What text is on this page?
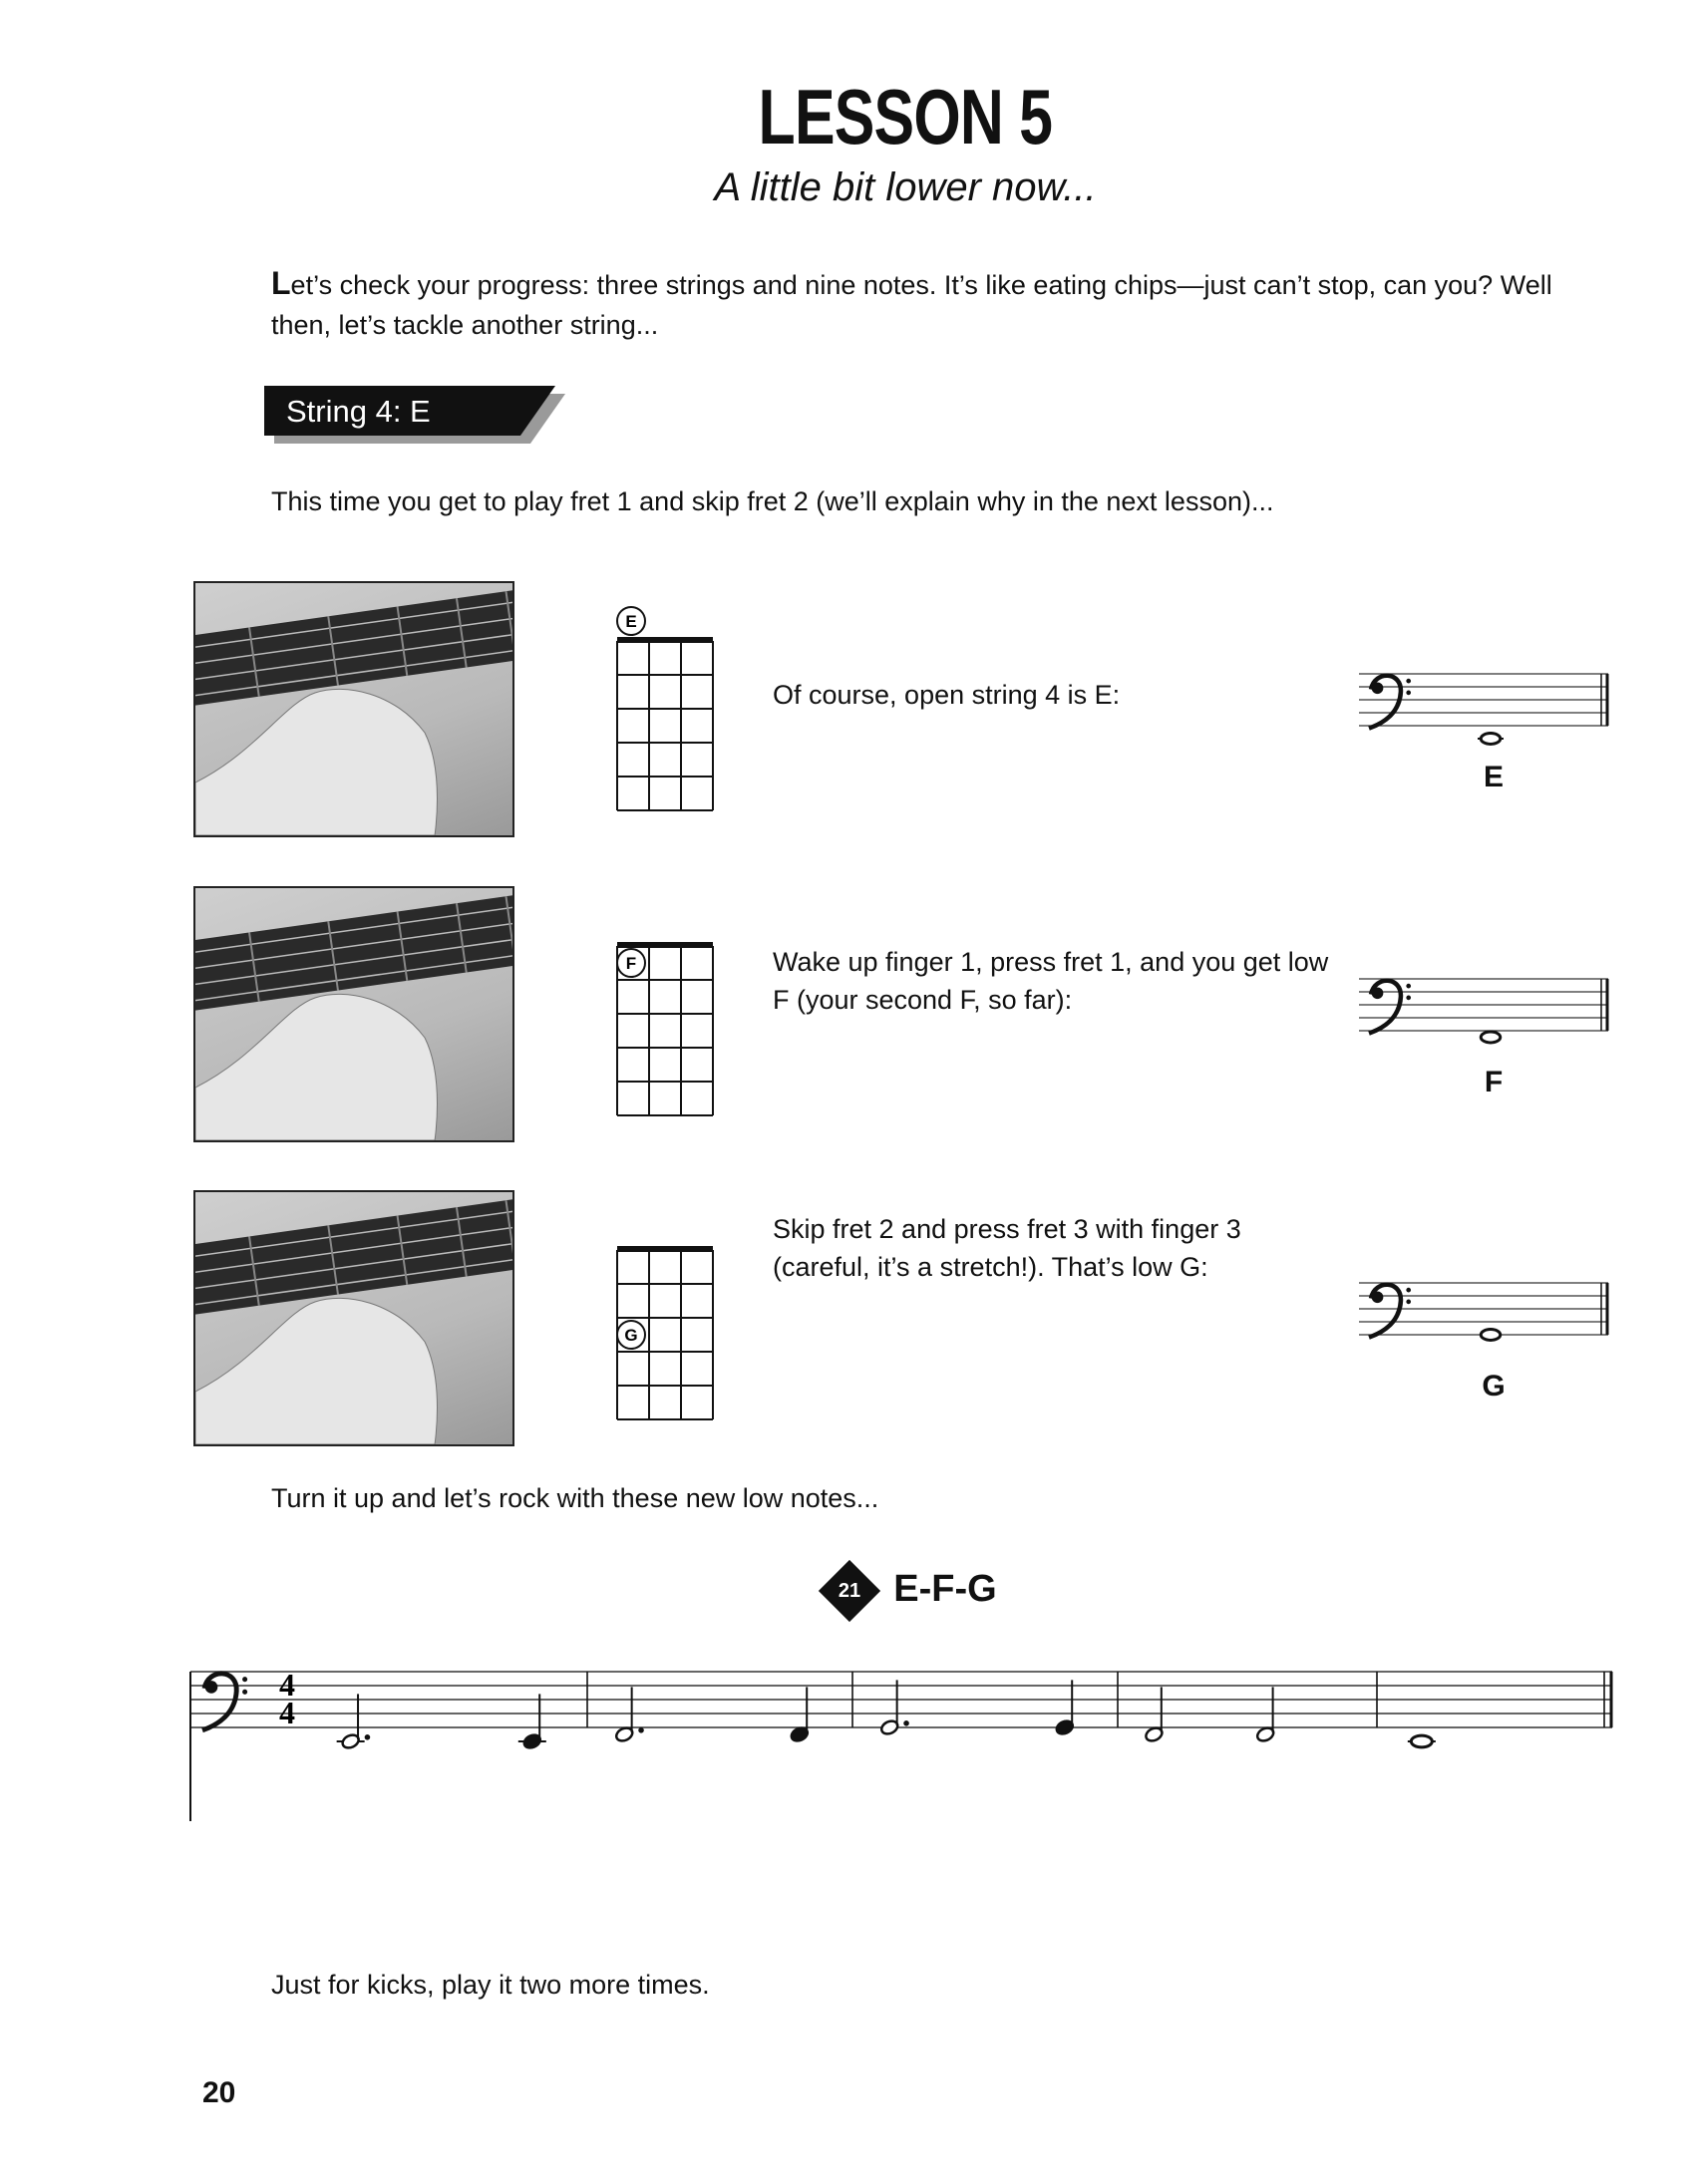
LESSON 5
A little bit lower now...
Let’s check your progress: three strings and nine notes. It’s like eating chips—just can’t stop, can you? Well then, let’s tackle another string...
String 4: E
This time you get to play fret 1 and skip fret 2 (we’ll explain why in the next lesson)...
E
Of course, open string 4 is E:
E
F	Wake up finger 1, press fret 1, and you get low F (your second F, so far):
F
G
Skip fret 2 and press fret 3 with finger 3 (careful, it’s a stretch!). That’s low G:
G
Turn it up and let’s rock with these new low notes...
21 E-F-G
4
4
Just for kicks, play it two more times.
20
